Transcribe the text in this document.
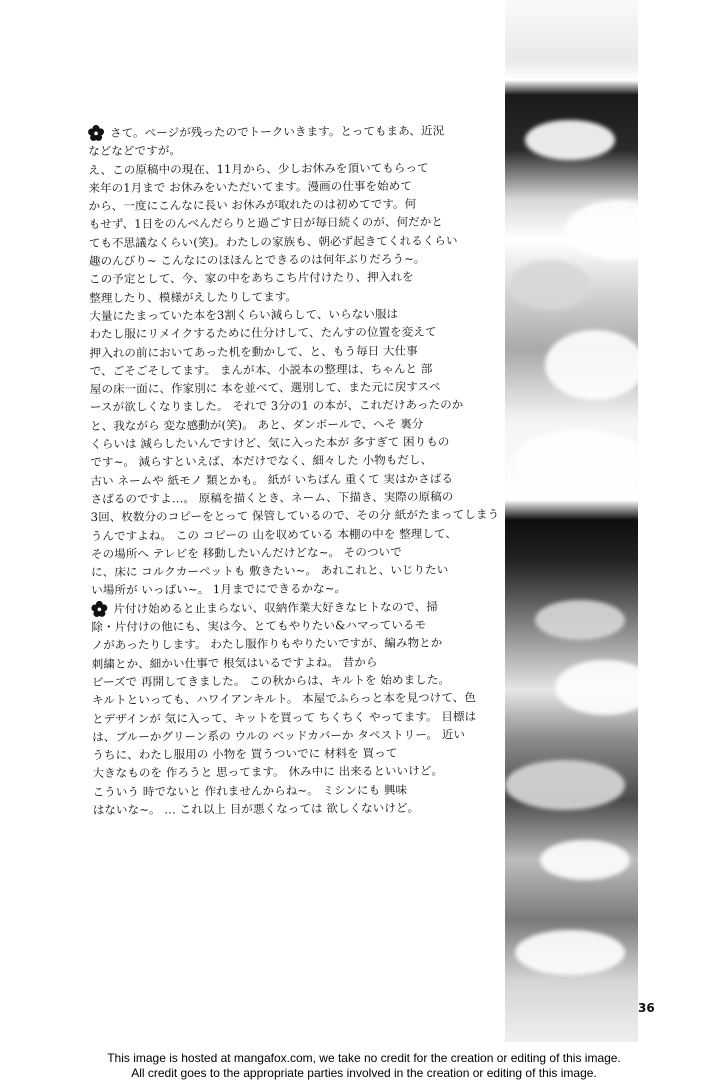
さて。ページが残ったのでトークいきます。とってもまあ、近況
などなどですが。
え、この原稿中の現在、11月から、少しお休みを頂いてもらって
来年の1月まで お休みをいただいてます。漫画の仕事を始めて
から、一度にこんなに長い お休みが取れたのは初めてです。何
もせず、1日をのんべんだらりと過ごす日が毎日続くのが、何だかと
ても不思議なくらい(笑)。わたしの家族も、朝必ず起きてくれるくらい
趣のんびり~ こんなにのほほんとできるのは何年ぶりだろう~。
この予定として、今、家の中をあちこち片付けたり、押入れを
整理したり、模様がえしたりしてます。
大量にたまっていた本を3割くらい減らして、いらない服は
わたし服にリメイクするために仕分けして、たんすの位置を変えて
押入れの前においてあった机を動かして、と、もう毎日 大仕事
で、ごそごそしてます。 まんが本、小説本の整理は、ちゃんと 部
屋の床一面に、作家別に 本を並べて、選別して、また元に戻すスペ
ースが欲しくなりました。 それで 3分の1 の本が、これだけあったのか
と、我ながら 変な感動が(笑)。 あと、ダンボールで、へそ 裏分
くらいは 減らしたいんですけど、気に入った本が 多すぎて 困りもの
です~。 減らすといえば、本だけでなく、細々した 小物もだし、
古い ネームや 紙モノ 類とかも。 紙が いちばん 重くて 実はかさばる
さばるのですよ…。 原稿を描くとき、ネーム、下描き、実際の原稿の
3回、枚数分のコピーをとって 保管しているので、その分 紙がたまってしまう
うんですよね。 この コピーの 山を収めている 本棚の中を 整理して、
その場所へ テレビを 移動したいんだけどな~。 そのついで
に、床に コルクカーペットも 敷きたい~。 あれこれと、いじりたい
い場所が いっぱい~。 1月までにできるかな~。
片付け始めると止まらない、収納作業大好きなヒトなので、掃
除・片付けの他にも、実は今、とてもやりたい&ハマっているモ
ノがあったりします。 わたし服作りもやりたいですが、編み物とか
刺繍とか、細かい仕事で 根気はいるですよね。 昔から
ビーズで 再開してきました。 この秋からは、キルトを 始めました。
キルトといっても、ハワイアンキルト。 本屋でふらっと本を見つけて、色
とデザインが 気に入って、キットを買って ちくちく やってます。 目標は
は、ブルーかグリーン系の ウルの ベッドカバーか タペストリー。 近い
うちに、わたし服用の 小物を 買うついでに 材料を 買って
大きなものを 作ろうと 思ってます。 休み中に 出来るといいけど。
こういう 時でないと 作れませんからね~。 ミシンにも 興味
はないな~。 … これ以上 目が悪くなっては 欲しくないけど。
36
This image is hosted at mangafox.com, we take no credit for the creation or editing of this image.
All credit goes to the appropriate parties involved in the creation or editing of this image.
